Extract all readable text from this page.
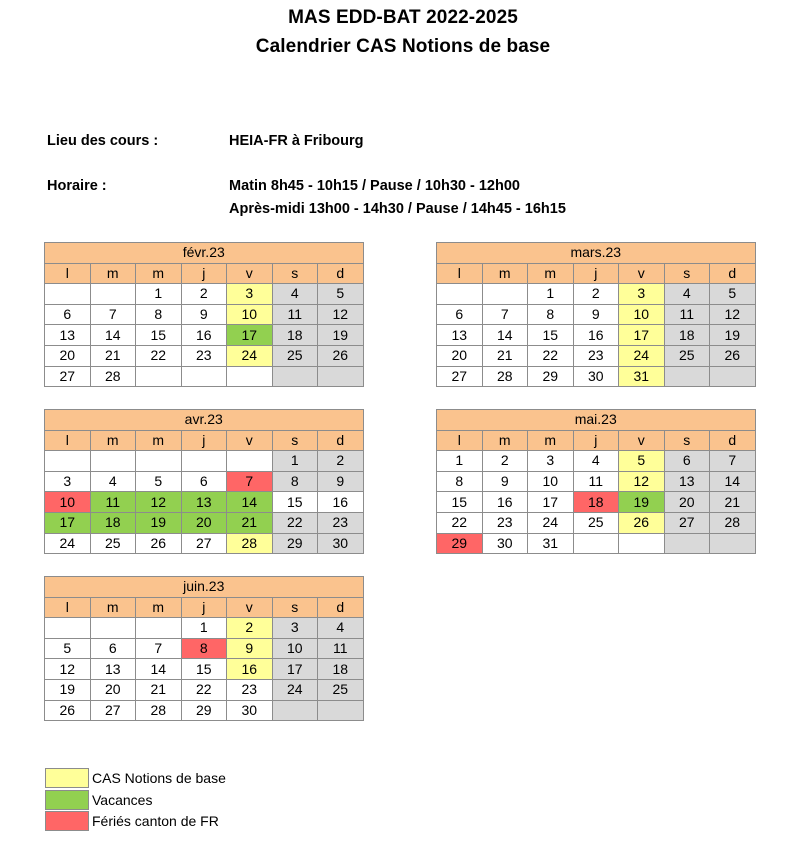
MAS EDD-BAT 2022-2025
Calendrier CAS Notions de base
Lieu des cours :	HEIA-FR à Fribourg
Horaire :	Matin 8h45 - 10h15 / Pause / 10h30 - 12h00
Après-midi 13h00 - 14h30 / Pause / 14h45 - 16h15
févr.23						
l	m	m	j	v	s	d
		1	2	3	4	5
6	7	8	9	10	11	12
13	14	15	16	17	18	19
20	21	22	23	24	25	26
27	28					
mars.23						
l	m	m	j	v	s	d
		1	2	3	4	5
6	7	8	9	10	11	12
13	14	15	16	17	18	19
20	21	22	23	24	25	26
27	28	29	30	31		
avr.23						
l	m	m	j	v	s	d
					1	2
3	4	5	6	7	8	9
10	11	12	13	14	15	16
17	18	19	20	21	22	23
24	25	26	27	28	29	30
mai.23						
l	m	m	j	v	s	d
1	2	3	4	5	6	7
8	9	10	11	12	13	14
15	16	17	18	19	20	21
22	23	24	25	26	27	28
29	30	31				
juin.23						
l	m	m	j	v	s	d
			1	2	3	4
5	6	7	8	9	10	11
12	13	14	15	16	17	18
19	20	21	22	23	24	25
26	27	28	29	30		
CAS Notions de base
Vacances
Fériés canton de FR
